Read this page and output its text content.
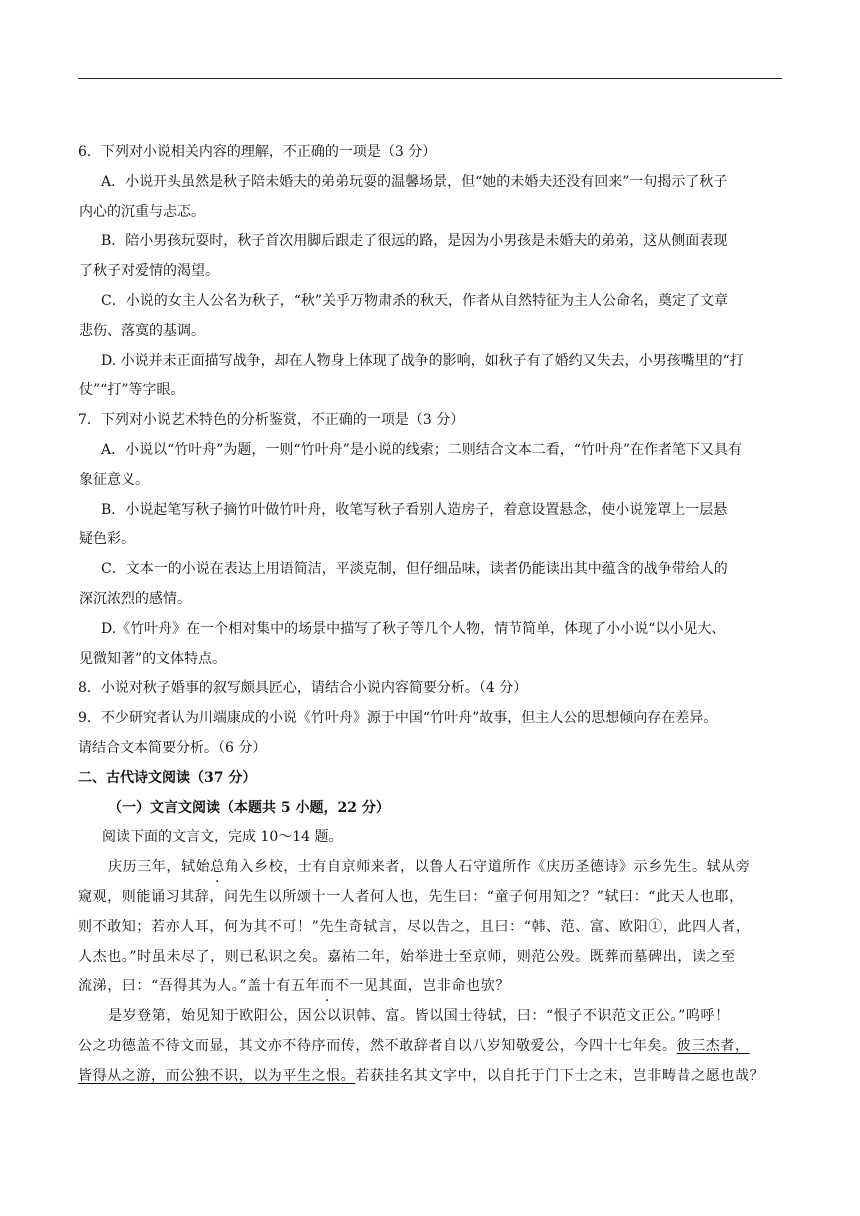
6．下列对小说相关内容的理解，不正确的一项是（3 分）
A．小说开头虽然是秋子陪未婚夫的弟弟玩耍的温馨场景，但“她的未婚夫还没有回来”一句揭示了秋子
内心的沉重与忐忑。
B．陪小男孩玩耍时，秋子首次用脚后跟走了很远的路，是因为小男孩是未婚夫的弟弟，这从侧面表现
了秋子对爱情的渴望。
C．小说的女主人公名为秋子，“秋”关乎万物肃杀的秋天，作者从自然特征为主人公命名，奠定了文章
悲伤、落寞的基调。
D. 小说并未正面描写战争，却在人物身上体现了战争的影响，如秋子有了婚约又失去，小男孩嘴里的“打
仗”“打”等字眼。
7．下列对小说艺术特色的分析鉴赏，不正确的一项是（3 分）
A．小说以“竹叶舟”为题，一则“竹叶舟”是小说的线索；二则结合文本二看，“竹叶舟”在作者笔下又具有
象征意义。
B．小说起笔写秋子摘竹叶做竹叶舟，收笔写秋子看别人造房子，着意设置悬念，使小说笼罩上一层悬
疑色彩。
C．文本一的小说在表达上用语简洁，平淡克制，但仔细品味，读者仍能读出其中蕴含的战争带给人的
深沉浓烈的感情。
D.《竹叶舟》在一个相对集中的场景中描写了秋子等几个人物，情节简单，体现了小小说“以小见大、
见微知著”的文体特点。
8．小说对秋子婚事的叙写颇具匠心，请结合小说内容简要分析。（4 分）
9．不少研究者认为川端康成的小说《竹叶舟》源于中国“竹叶舟”故事，但主人公的思想倾向存在差异。
请结合文本简要分析。（6 分）
二、古代诗文阅读（37 分）
（一）文言文阅读（本题共 5 小题，22 分）
阅读下面的文言文，完成 10～14 题。
庆历三年，轼始总角入乡校，士有自京师来者，以鲁人石守道所作《庆历圣德诗》示乡先生。轼从旁
窥观，则能诵习其辞，问先生以所颂十一人者何人也，先生曰：“童子何用知之？”轼曰：“此天人也耶，
则不敢知；若亦人耳，何为其不可！”先生奇轼言，尽以告之，且曰：“韩、范、富、欧阳①，此四人者，
人杰也。”时虽未尽了，则已私识之矣。嘉祐二年，始举进士至京师，则范公殁。既葬而墓碑出，读之至
流涕，曰：“吾得其为人。”盖十有五年而不一见其面，岂非命也欤？
是岁登第，始见知于欧阳公，因公以识韩、富。皆以国士待轼，曰：“恨子不识范文正公。”呜呼！
公之功德盖不待文而显，其文亦不待序而传，然不敢辞者自以八岁知敬爱公，今四十七年矣。彼三杰者，
皆得从之游，而公独不识，以为平生之恨。若获挂名其文字中，以自托于门下士之末，岂非畴昔之愿也哉？
